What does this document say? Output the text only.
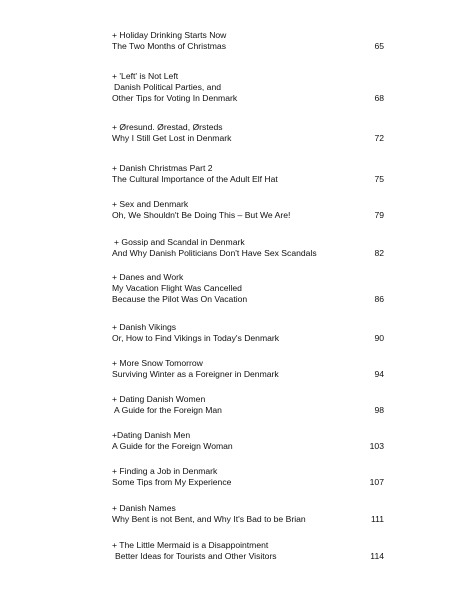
+ Holiday Drinking Starts Now
The Two Months of Christmas	65
+ 'Left' is Not Left
Danish Political Parties, and
Other Tips for Voting In Denmark	68
+ Øresund. Ørestad, Ørsteds
Why I Still Get Lost in Denmark	72
+ Danish Christmas Part 2
The Cultural Importance of the Adult Elf Hat	75
+ Sex and Denmark
Oh, We Shouldn't Be Doing This – But We Are!	79
+ Gossip and Scandal in Denmark
And Why Danish Politicians Don't Have Sex Scandals	82
+ Danes and Work
My Vacation Flight Was Cancelled
Because the Pilot Was On Vacation	86
+ Danish Vikings
Or, How to Find Vikings in Today's Denmark	90
+ More Snow Tomorrow
Surviving Winter as a Foreigner in Denmark	94
+ Dating Danish Women
A Guide for the Foreign Man	98
+Dating Danish Men
A Guide for the Foreign Woman	103
+ Finding a Job in Denmark
Some Tips from My Experience	107
+ Danish Names
Why Bent is not Bent, and Why It's Bad to be Brian	111
+ The Little Mermaid is a Disappointment
Better Ideas for Tourists and Other Visitors	114
